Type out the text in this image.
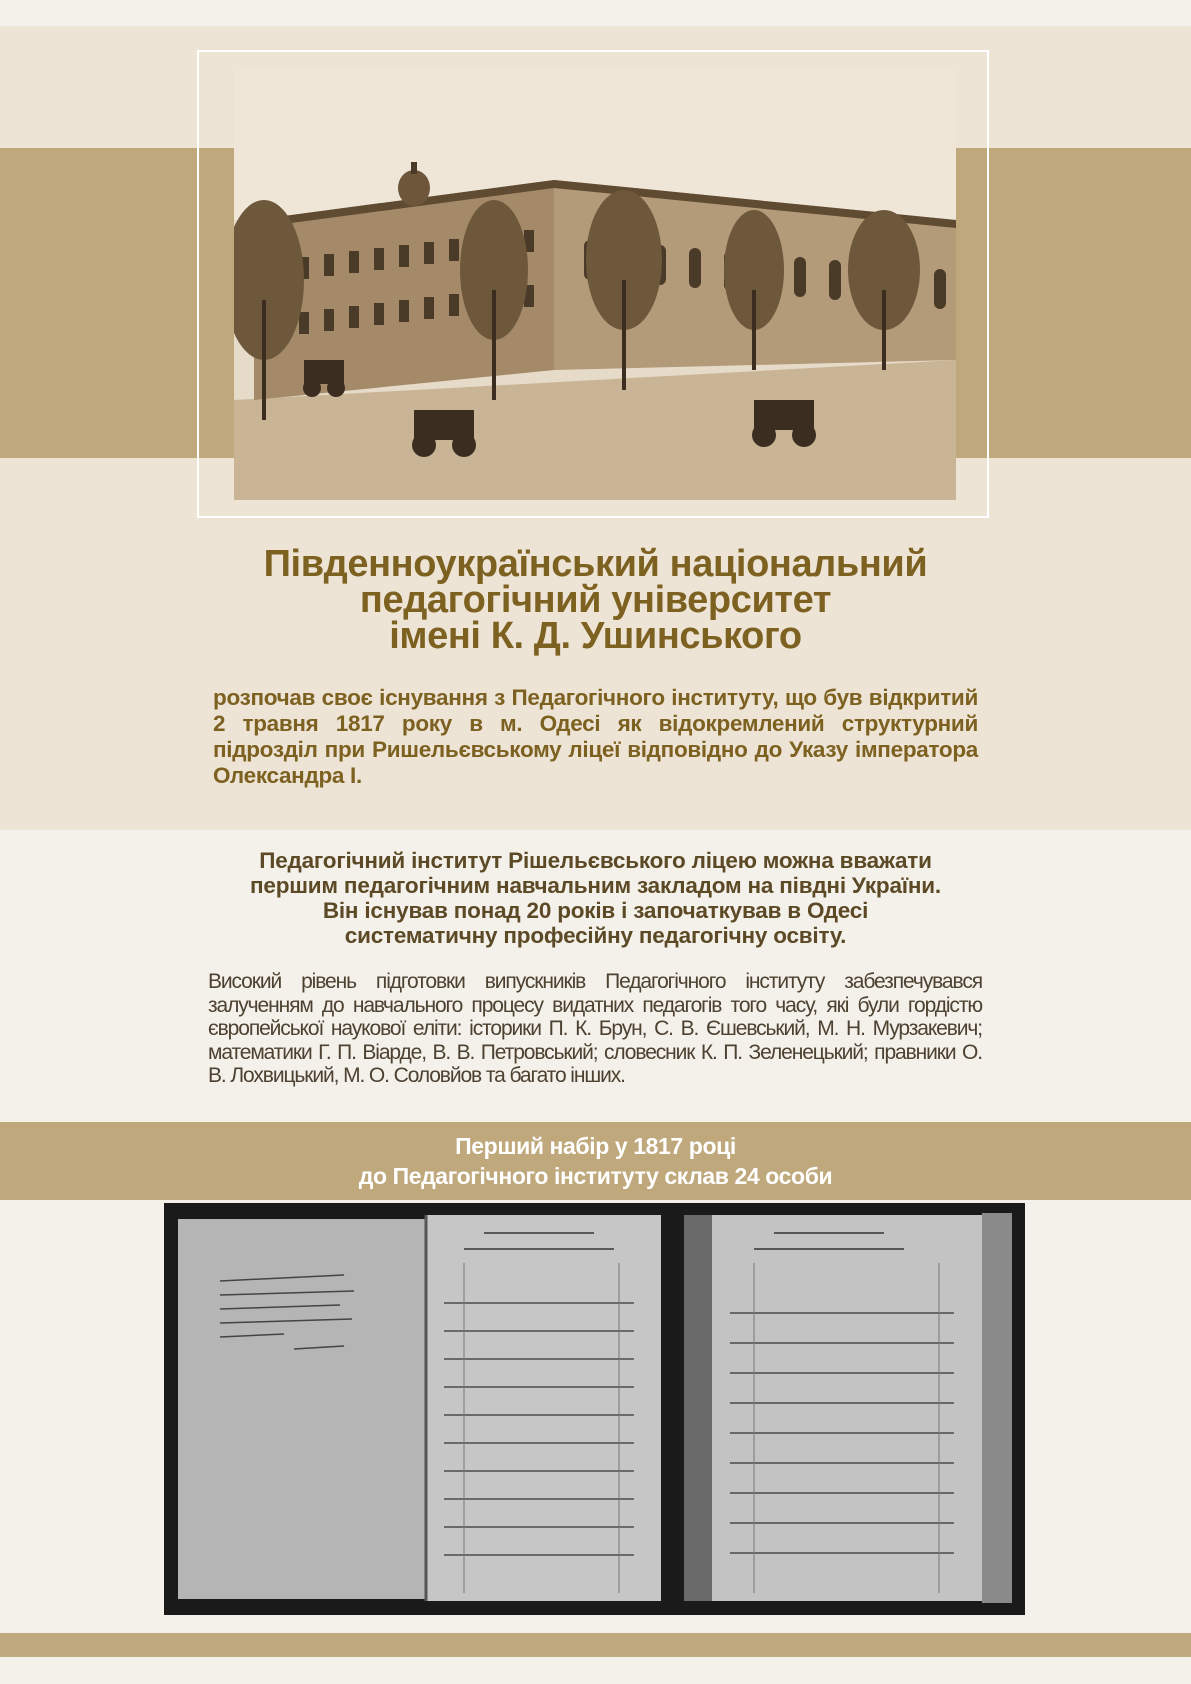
Південноукраїнський національний
педагогічний університет
імені К. Д. Ушинського
розпочав своє існування з Педагогічного інституту, що був відкритий 2 травня 1817 року в м. Одесі як відокремлений структурний підрозділ при Ришельєвському ліцеї відповідно до Указу імператора Олександра I.
Педагогічний інститут Рішельєвського ліцею можна вважати
першим педагогічним навчальним закладом на півдні України.
Він існував понад 20 років і започаткував в Одесі
систематичну професійну педагогічну освіту.
Високий рівень підготовки випускників Педагогічного інституту забезпечувався залученням до навчального процесу видатних педагогів того часу, які були гордістю європейської наукової еліти: історики П. К. Брун, С. В. Єшевський, М. Н. Мурзакевич; математики Г. П. Віарде, В. В. Петровський; словесник К. П. Зеленецький; правники О. В. Лохвицький, М. О. Соловйов та багато інших.
Перший набір у 1817 році
до Педагогічного інституту склав 24 особи
